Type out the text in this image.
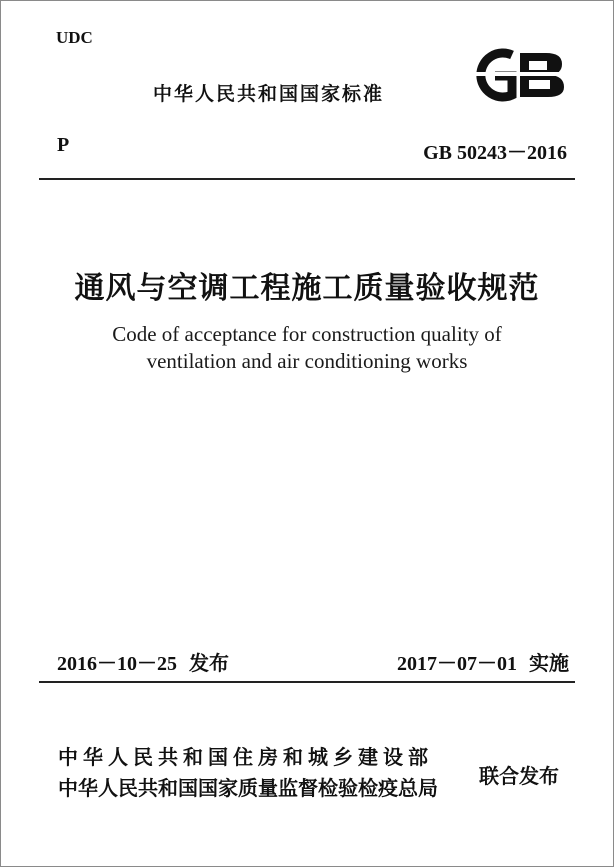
UDC
中华人民共和国国家标准
P	GB 50243－2016
通风与空调工程施工质量验收规范
Code of acceptance for construction quality of
ventilation and air conditioning works
2016－10－25 发布	2017－07－01 实施
中华人民共和国住房和城乡建设部
中华人民共和国国家质量监督检验检疫总局 联合发布
